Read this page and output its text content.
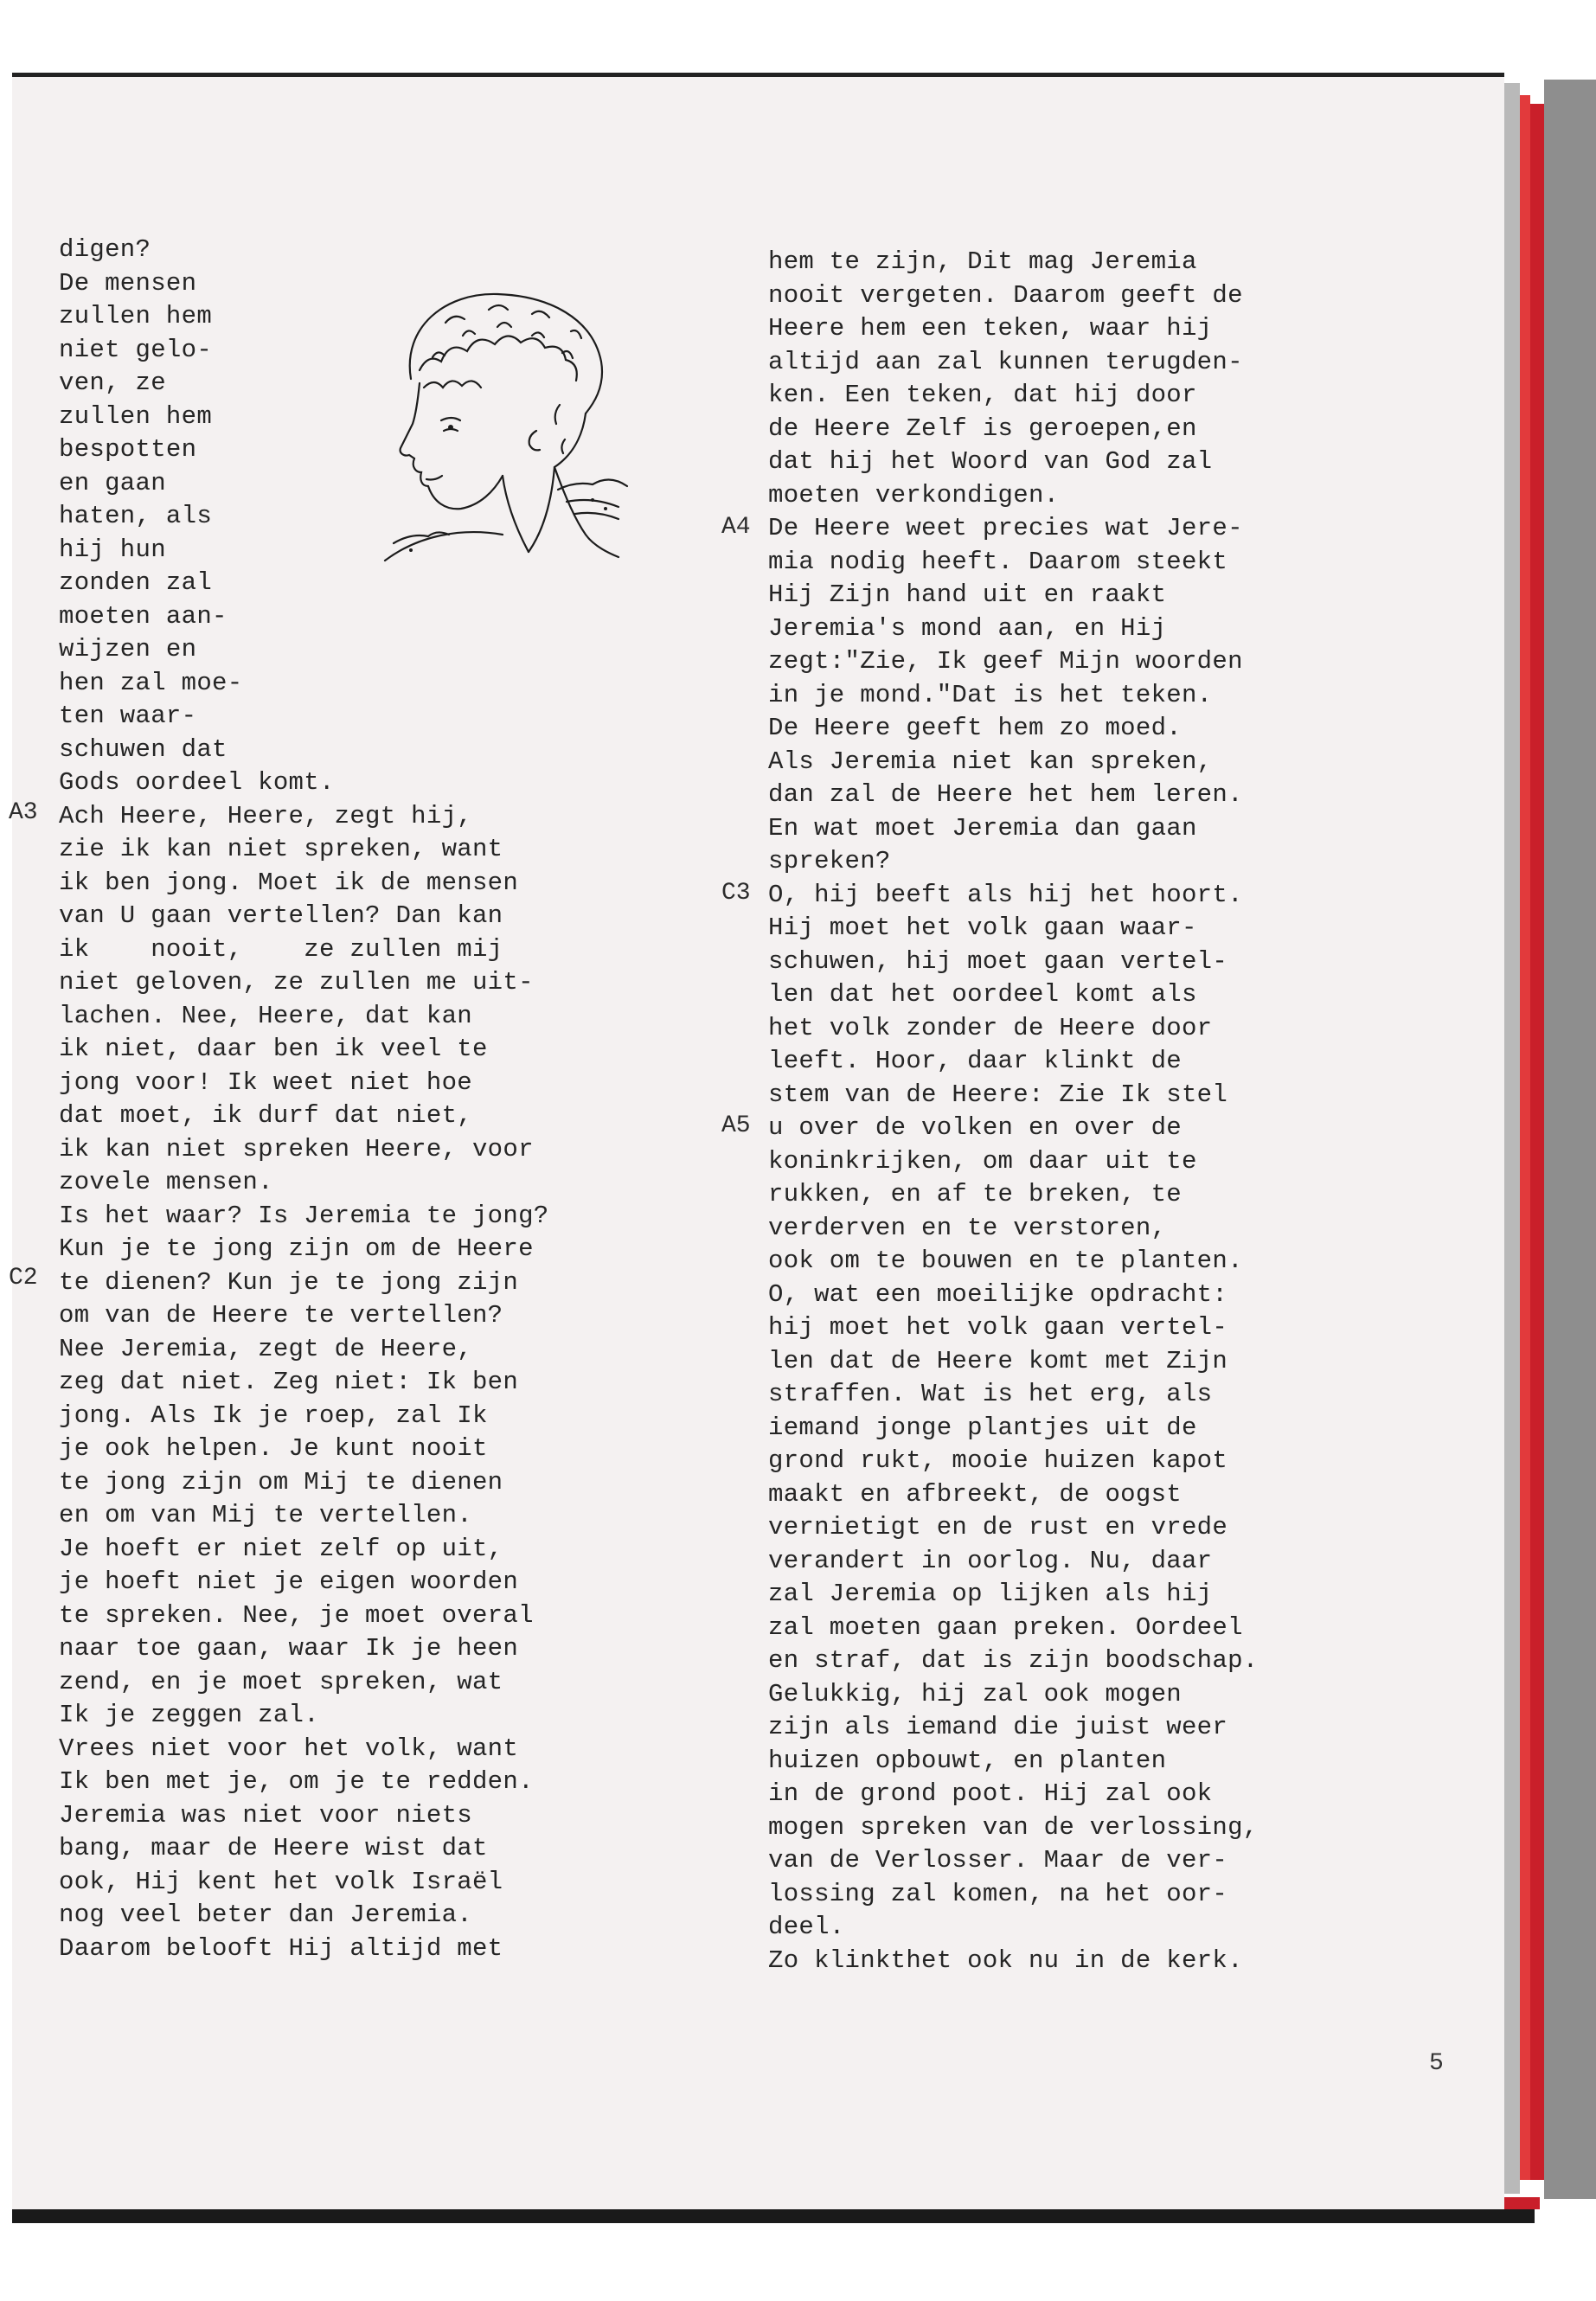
digen?
De mensen
zullen hem
niet gelo-
ven, ze
zullen hem
bespotten
en gaan
haten, als
hij hun
zonden zal
moeten aan-
wijzen en
hen zal moe-
ten waar-
schuwen dat
Gods oordeel komt.
Ach Heere, Heere, zegt hij,
zie ik kan niet spreken, want
ik ben jong. Moet ik de mensen
van U gaan vertellen? Dan kan
ik    nooit,    ze zullen mij
niet geloven, ze zullen me uit-
lachen. Nee, Heere, dat kan
ik niet, daar ben ik veel te
jong voor! Ik weet niet hoe
dat moet, ik durf dat niet,
ik kan niet spreken Heere, voor
zovele mensen.
Is het waar? Is Jeremia te jong?
Kun je te jong zijn om de Heere
te dienen? Kun je te jong zijn
om van de Heere te vertellen?
Nee Jeremia, zegt de Heere,
zeg dat niet. Zeg niet: Ik ben
jong. Als Ik je roep, zal Ik
je ook helpen. Je kunt nooit
te jong zijn om Mij te dienen
en om van Mij te vertellen.
Je hoeft er niet zelf op uit,
je hoeft niet je eigen woorden
te spreken. Nee, je moet overal
naar toe gaan, waar Ik je heen
zend, en je moet spreken, wat
Ik je zeggen zal.
Vrees niet voor het volk, want
Ik ben met je, om je te redden.
Jeremia was niet voor niets
bang, maar de Heere wist dat
ook, Hij kent het volk Israël
nog veel beter dan Jeremia.
Daarom belooft Hij altijd met
hem te zijn, Dit mag Jeremia
nooit vergeten. Daarom geeft de
Heere hem een teken, waar hij
altijd aan zal kunnen terugden-
ken. Een teken, dat hij door
de Heere Zelf is geroepen,en
dat hij het Woord van God zal
moeten verkondigen.
De Heere weet precies wat Jere-
mia nodig heeft. Daarom steekt
Hij Zijn hand uit en raakt
Jeremia's mond aan, en Hij
zegt:"Zie, Ik geef Mijn woorden
in je mond."Dat is het teken.
De Heere geeft hem zo moed.
Als Jeremia niet kan spreken,
dan zal de Heere het hem leren.
En wat moet Jeremia dan gaan
spreken?
O, hij beeft als hij het hoort.
Hij moet het volk gaan waar-
schuwen, hij moet gaan vertel-
len dat het oordeel komt als
het volk zonder de Heere door
leeft. Hoor, daar klinkt de
stem van de Heere: Zie Ik stel
u over de volken en over de
koninkrijken, om daar uit te
rukken, en af te breken, te
verderven en te verstoren,
ook om te bouwen en te planten.
O, wat een moeilijke opdracht:
hij moet het volk gaan vertel-
len dat de Heere komt met Zijn
straffen. Wat is het erg, als
iemand jonge plantjes uit de
grond rukt, mooie huizen kapot
maakt en afbreekt, de oogst
vernietigt en de rust en vrede
verandert in oorlog. Nu, daar
zal Jeremia op lijken als hij
zal moeten gaan preken. Oordeel
en straf, dat is zijn boodschap.
Gelukkig, hij zal ook mogen
zijn als iemand die juist weer
huizen opbouwt, en planten
in de grond poot. Hij zal ook
mogen spreken van de verlossing,
van de Verlosser. Maar de ver-
lossing zal komen, na het oor-
deel.
Zo klinkthet ook nu in de kerk.
A3
C2
A4
C3
A5
5
